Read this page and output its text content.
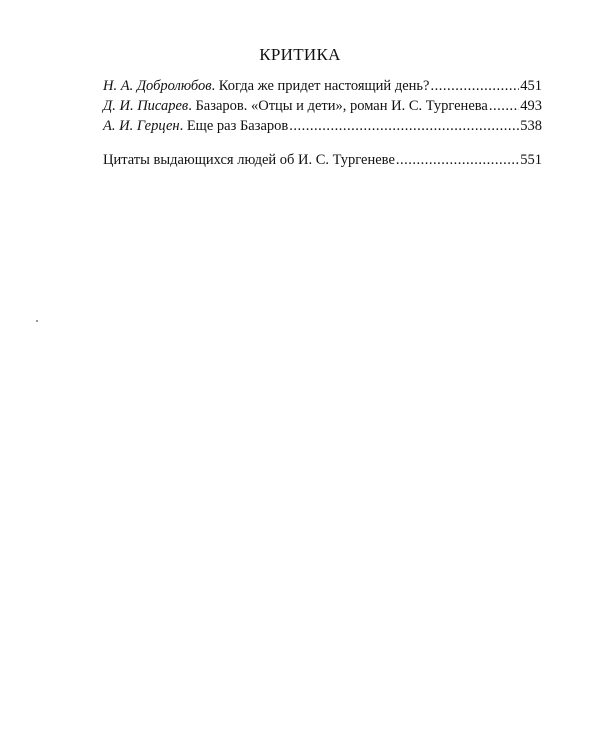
КРИТИКА
Н. А. Добролюбов. Когда же придет настоящий день? .....	451
Д. И. Писарев. Базаров. «Отцы и дети», роман И. С. Тургенева ..... 493
А. И. Герцен. Еще раз Базаров .....	538
Цитаты выдающихся людей об И. С. Тургеневе .....	551
